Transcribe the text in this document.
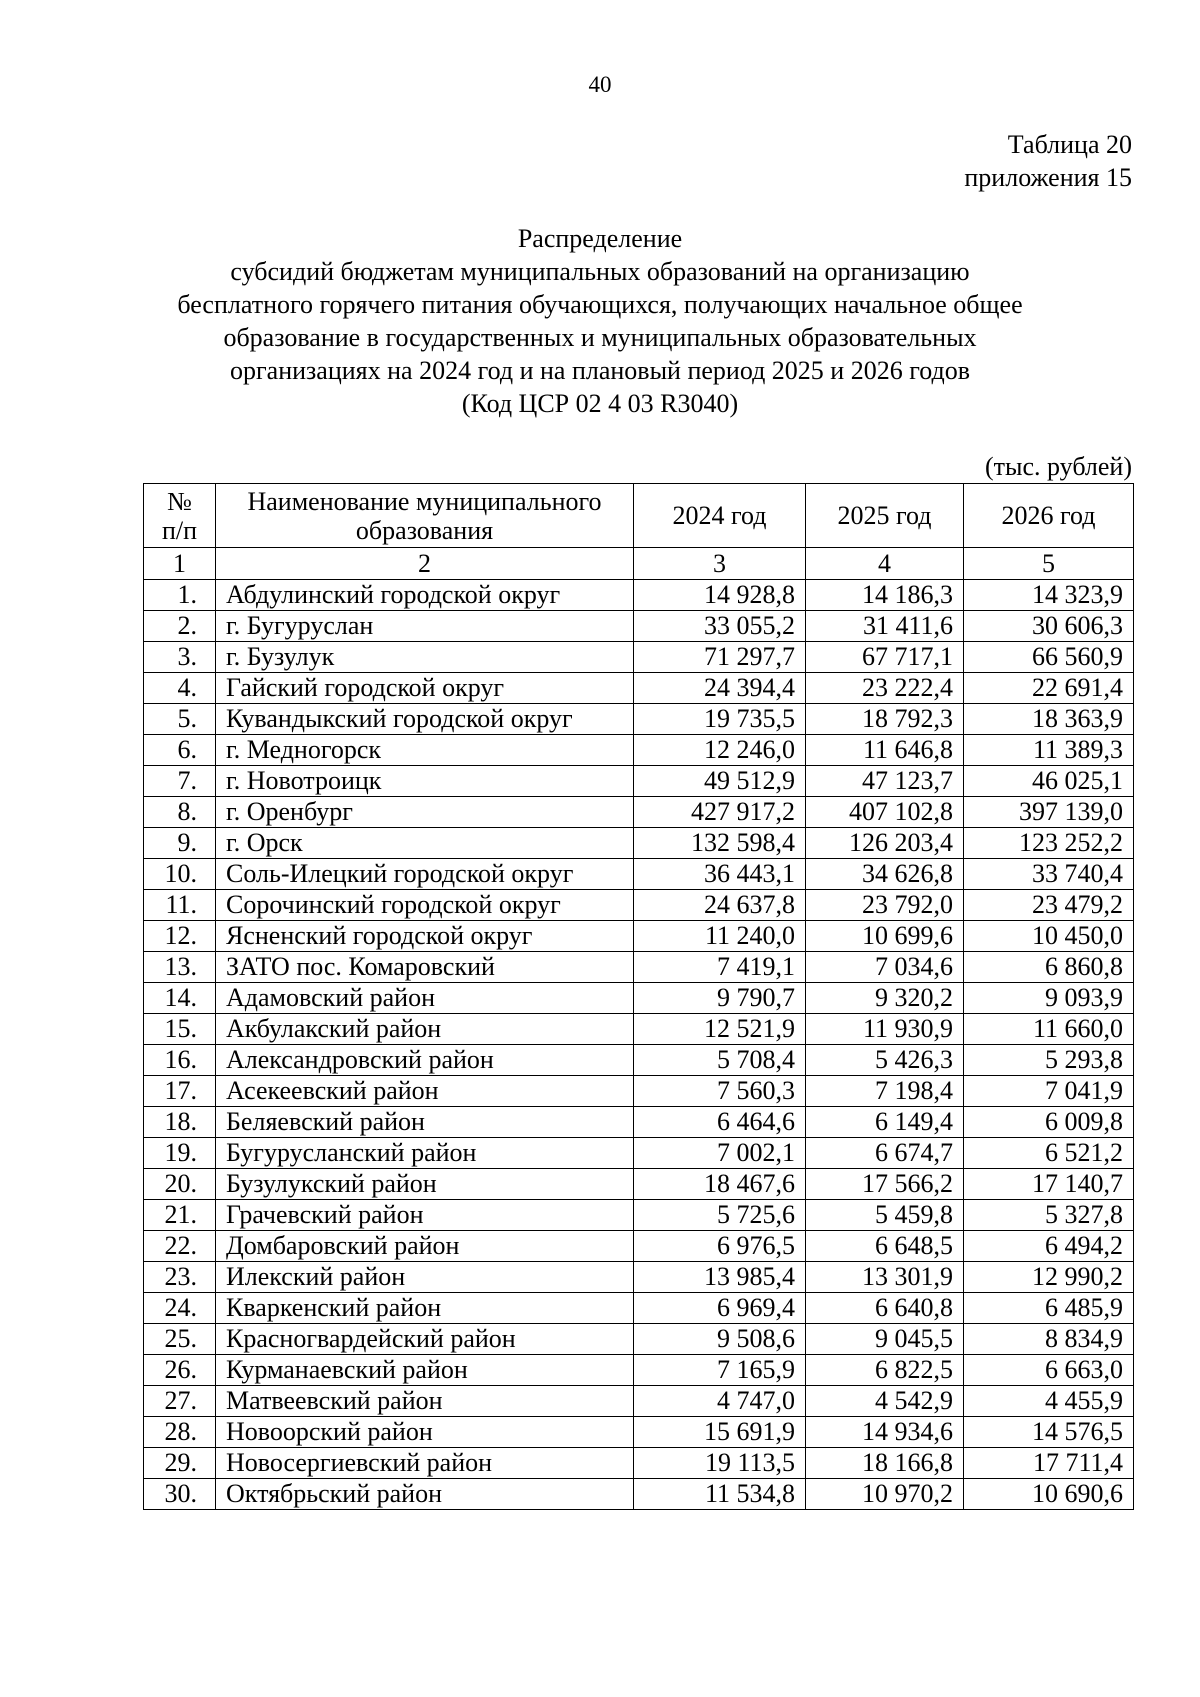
40
Таблица 20
приложения 15
Распределение
субсидий бюджетам муниципальных образований на организацию
бесплатного горячего питания обучающихся, получающих начальное общее
образование в государственных и муниципальных образовательных
организациях на 2024 год и на плановый период 2025 и 2026 годов
(Код ЦСР 02 4 03 R3040)
(тыс. рублей)
№ п/п	Наименование муниципального образования	2024 год	2025 год	2026 год
1	2	3	4	5
1.	Абдулинский городской округ	14 928,8	14 186,3	14 323,9
2.	г. Бугуруслан	33 055,2	31 411,6	30 606,3
3.	г. Бузулук	71 297,7	67 717,1	66 560,9
4.	Гайский городской округ	24 394,4	23 222,4	22 691,4
5.	Кувандыкский городской округ	19 735,5	18 792,3	18 363,9
6.	г. Медногорск	12 246,0	11 646,8	11 389,3
7.	г. Новотроицк	49 512,9	47 123,7	46 025,1
8.	г. Оренбург	427 917,2	407 102,8	397 139,0
9.	г. Орск	132 598,4	126 203,4	123 252,2
10.	Соль-Илецкий городской округ	36 443,1	34 626,8	33 740,4
11.	Сорочинский городской округ	24 637,8	23 792,0	23 479,2
12.	Ясненский городской округ	11 240,0	10 699,6	10 450,0
13.	ЗАТО пос. Комаровский	7 419,1	7 034,6	6 860,8
14.	Адамовский район	9 790,7	9 320,2	9 093,9
15.	Акбулакский район	12 521,9	11 930,9	11 660,0
16.	Александровский район	5 708,4	5 426,3	5 293,8
17.	Асекеевский район	7 560,3	7 198,4	7 041,9
18.	Беляевский район	6 464,6	6 149,4	6 009,8
19.	Бугурусланский район	7 002,1	6 674,7	6 521,2
20.	Бузулукский район	18 467,6	17 566,2	17 140,7
21.	Грачевский район	5 725,6	5 459,8	5 327,8
22.	Домбаровский район	6 976,5	6 648,5	6 494,2
23.	Илекский район	13 985,4	13 301,9	12 990,2
24.	Кваркенский район	6 969,4	6 640,8	6 485,9
25.	Красногвардейский район	9 508,6	9 045,5	8 834,9
26.	Курманаевский район	7 165,9	6 822,5	6 663,0
27.	Матвеевский район	4 747,0	4 542,9	4 455,9
28.	Новоорский район	15 691,9	14 934,6	14 576,5
29.	Новосергиевский район	19 113,5	18 166,8	17 711,4
30.	Октябрьский район	11 534,8	10 970,2	10 690,6
